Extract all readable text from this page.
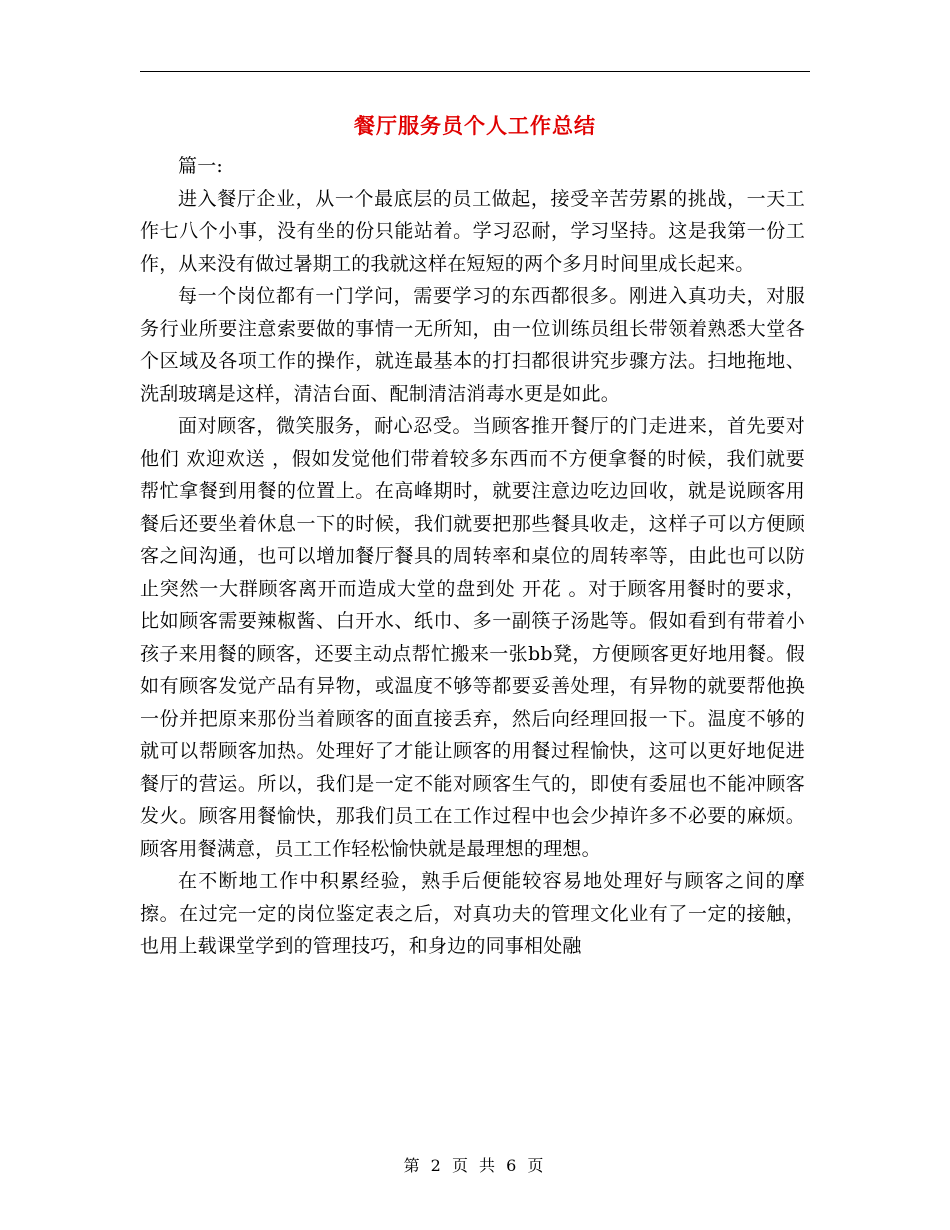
餐厅服务员个人工作总结

篇一:

进入餐厅企业，从一个最底层的员工做起，接受辛苦劳累的挑战，一天工作七八个小事，没有坐的份只能站着。学习忍耐，学习坚持。这是我第一份工作，从来没有做过暑期工的我就这样在短短的两个多月时间里成长起来。

每一个岗位都有一门学问，需要学习的东西都很多。刚进入真功夫，对服务行业所要注意索要做的事情一无所知，由一位训练员组长带领着熟悉大堂各个区域及各项工作的操作，就连最基本的打扫都很讲究步骤方法。扫地拖地、洗刮玻璃是这样，清洁台面、配制清洁消毒水更是如此。

面对顾客，微笑服务，耐心忍受。当顾客推开餐厅的门走进来，首先要对他们 欢迎欢送 ，假如发觉他们带着较多东西而不方便拿餐的时候，我们就要帮忙拿餐到用餐的位置上。在高峰期时，就要注意边吃边回收，就是说顾客用餐后还要坐着休息一下的时候，我们就要把那些餐具收走，这样子可以方便顾客之间沟通，也可以增加餐厅餐具的周转率和桌位的周转率等，由此也可以防止突然一大群顾客离开而造成大堂的盘到处 开花 。对于顾客用餐时的要求，比如顾客需要辣椒酱、白开水、纸巾、多一副筷子汤匙等。假如看到有带着小孩子来用餐的顾客，还要主动点帮忙搬来一张bb凳，方便顾客更好地用餐。假如有顾客发觉产品有异物，或温度不够等都要妥善处理，有异物的就要帮他换一份并把原来那份当着顾客的面直接丢弃，然后向经理回报一下。温度不够的就可以帮顾客加热。处理好了才能让顾客的用餐过程愉快，这可以更好地促进餐厅的营运。所以，我们是一定不能对顾客生气的，即使有委屈也不能冲顾客发火。顾客用餐愉快，那我们员工在工作过程中也会少掉许多不必要的麻烦。顾客用餐满意，员工工作轻松愉快就是最理想的理想。

在不断地工作中积累经验，熟手后便能较容易地处理好与顾客之间的摩擦。在过完一定的岗位鉴定表之后，对真功夫的管理文化业有了一定的接触，也用上载课堂学到的管理技巧，和身边的同事相处融

第 2 页 共 6 页
